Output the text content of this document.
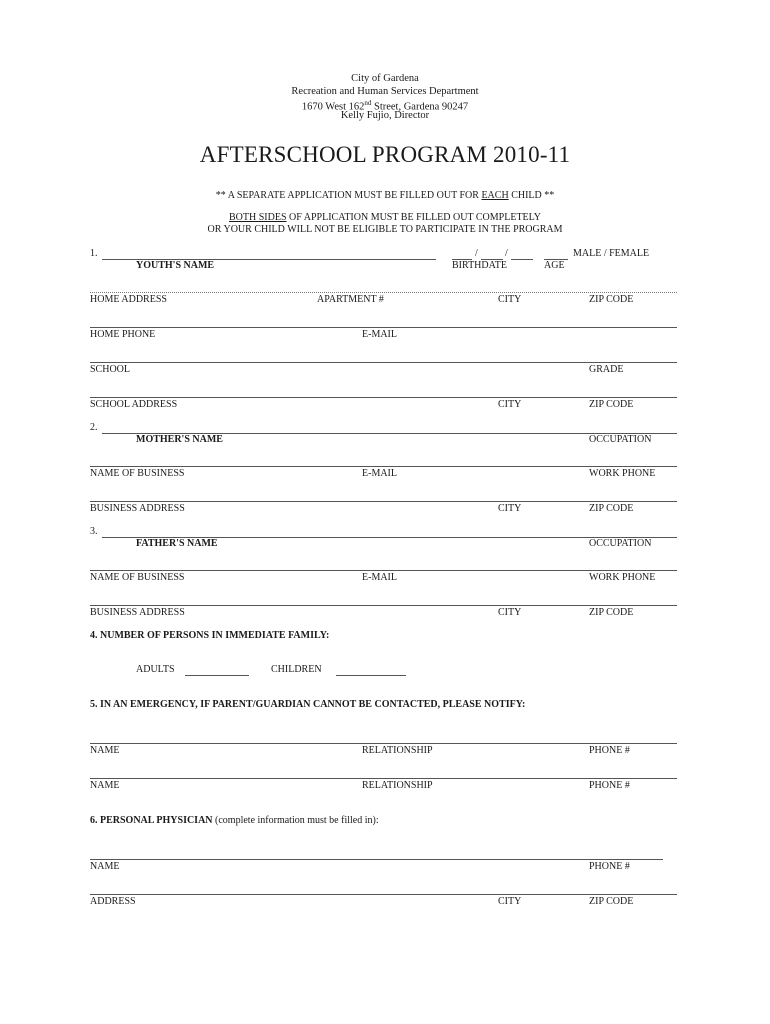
City of Gardena
Recreation and Human Services Department
1670 West 162nd Street, Gardena 90247
Kelly Fujio, Director
AFTERSCHOOL PROGRAM 2010-11
** A SEPARATE APPLICATION MUST BE FILLED OUT FOR EACH CHILD **
BOTH SIDES OF APPLICATION MUST BE FILLED OUT COMPLETELY
OR YOUR CHILD WILL NOT BE ELIGIBLE TO PARTICIPATE IN THE PROGRAM
1.	/	/	MALE / FEMALE
YOUTH'S NAME	BIRTHDATE	AGE
HOME ADDRESS	APARTMENT #	CITY	ZIP CODE
HOME PHONE	E-MAIL
SCHOOL	GRADE
SCHOOL ADDRESS	CITY	ZIP CODE
2.
MOTHER'S NAME	OCCUPATION
NAME OF BUSINESS	E-MAIL	WORK PHONE
BUSINESS ADDRESS	CITY	ZIP CODE
3.
FATHER'S NAME	OCCUPATION
NAME OF BUSINESS	E-MAIL	WORK PHONE
BUSINESS ADDRESS	CITY	ZIP CODE
4. NUMBER OF PERSONS IN IMMEDIATE FAMILY:
ADULTS	CHILDREN
5. IN AN EMERGENCY, IF PARENT/GUARDIAN CANNOT BE CONTACTED, PLEASE NOTIFY:
NAME	RELATIONSHIP	PHONE #
NAME	RELATIONSHIP	PHONE #
6. PERSONAL PHYSICIAN (complete information must be filled in):
NAME	PHONE #
ADDRESS	CITY	ZIP CODE
